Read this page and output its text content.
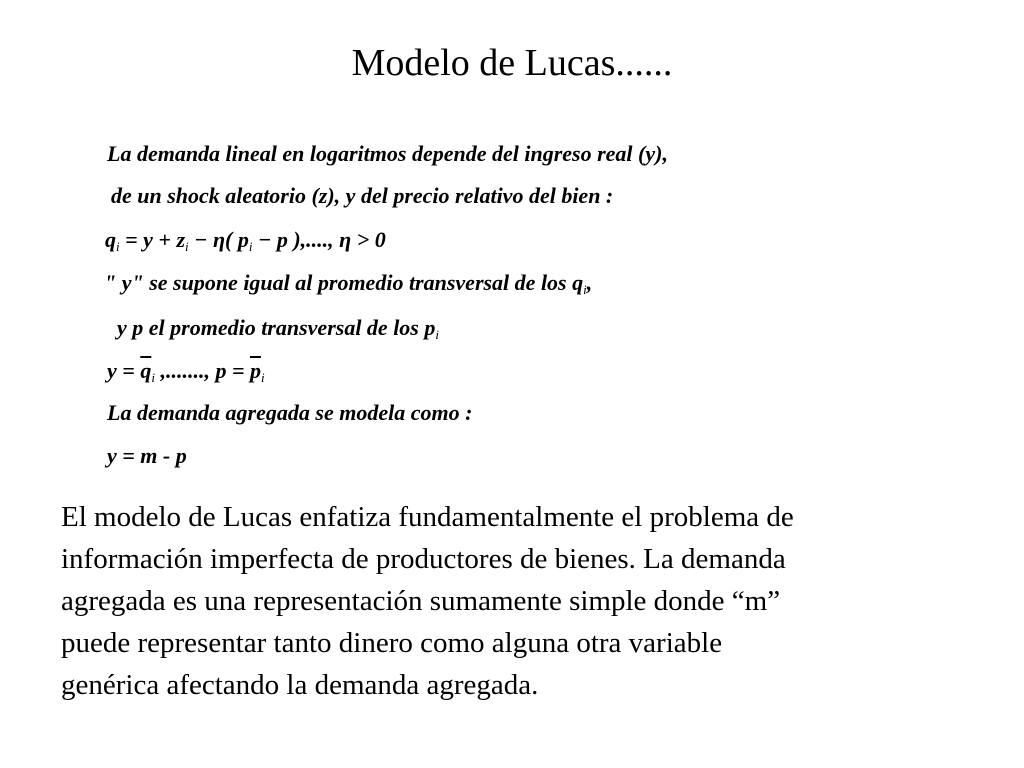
Modelo de Lucas......
La demanda lineal en logaritmos depende del ingreso real (y),
de un shock aleatorio (z), y del precio relativo del bien :
$q_i = y + z_i - \eta$( $p_i - p$ ),...., η > 0
" y" se supone igual al promedio transversal de los $q_i$,
y p el promedio transversal de los $p_i$
$y = \overline{q}_i$ ,......., $p = \overline{p}_i$
La demanda agregada se modela como :
y = m - p

El modelo de Lucas enfatiza fundamentalmente el problema de
información imperfecta de productores de bienes. La demanda
agregada es una representación sumamente simple donde “m”
puede representar tanto dinero como alguna otra variable
genérica afectando la demanda agregada.
